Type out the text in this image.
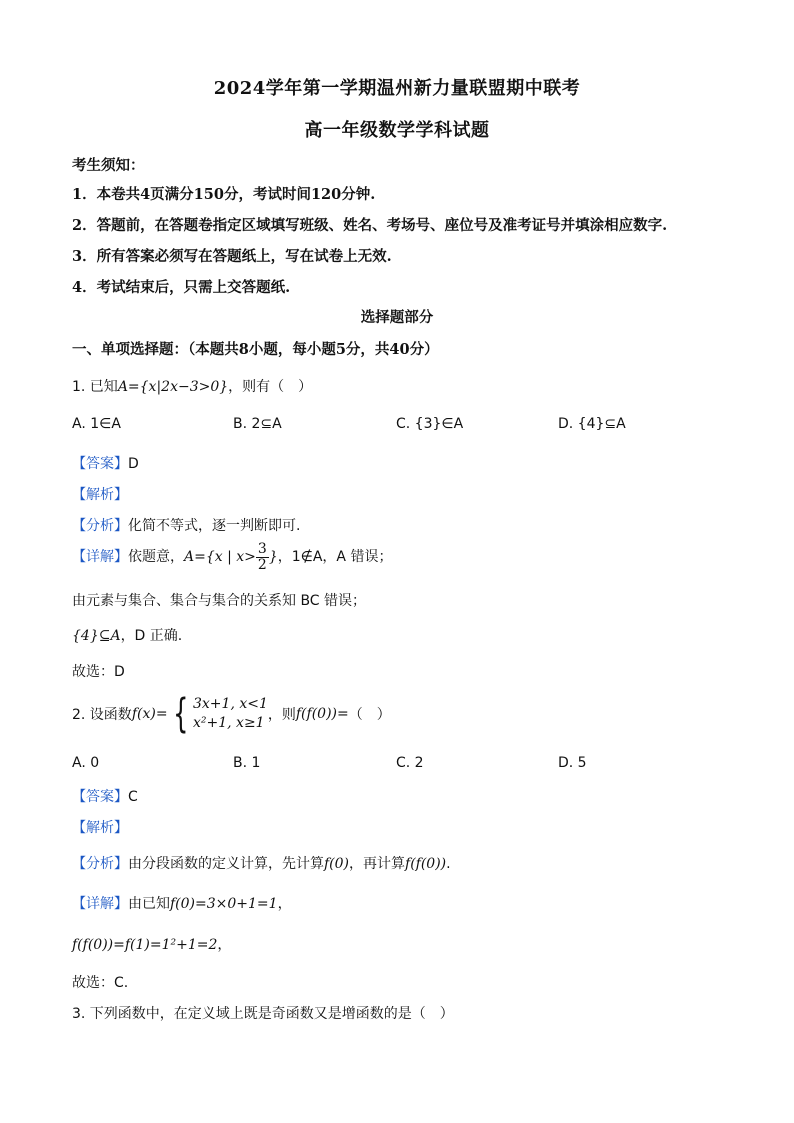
2024学年第一学期温州新力量联盟期中联考
高一年级数学学科试题
考生须知：
1．本卷共4页满分150分，考试时间120分钟.
2．答题前，在答题卷指定区域填写班级、姓名、考场号、座位号及准考证号并填涂相应数字.
3．所有答案必须写在答题纸上，写在试卷上无效.
4．考试结束后，只需上交答题纸.
选择题部分
一、单项选择题：（本题共8小题，每小题5分，共40分）
1. 已知A={x|2x−3>0}，则有（　）
A. 1∈A	B. 2⊆A	C. {3}∈A	D. {4}⊆A
【答案】D
【解析】
【分析】化简不等式，逐一判断即可.
【详解】依题意，A={x | $x> \frac{3}{2}$ }，1∉A，A 错误；
由元素与集合、集合与集合的关系知 BC 错误；
{4}⊆A，D 正确.
故选：D
2. 设函数f(x)= { 3x+1, x<1
x²+1, x≥1 ，则f(f(0))=（　）
A. 0	B. 1	C. 2	D. 5
【答案】C
【解析】
【分析】由分段函数的定义计算，先计算f(0)，再计算f(f(0)).
【详解】由已知f(0)=3×0+1=1，
f(f(0))=f(1)=1²+1=2，
故选：C.
3. 下列函数中，在定义域上既是奇函数又是增函数的是（　）
